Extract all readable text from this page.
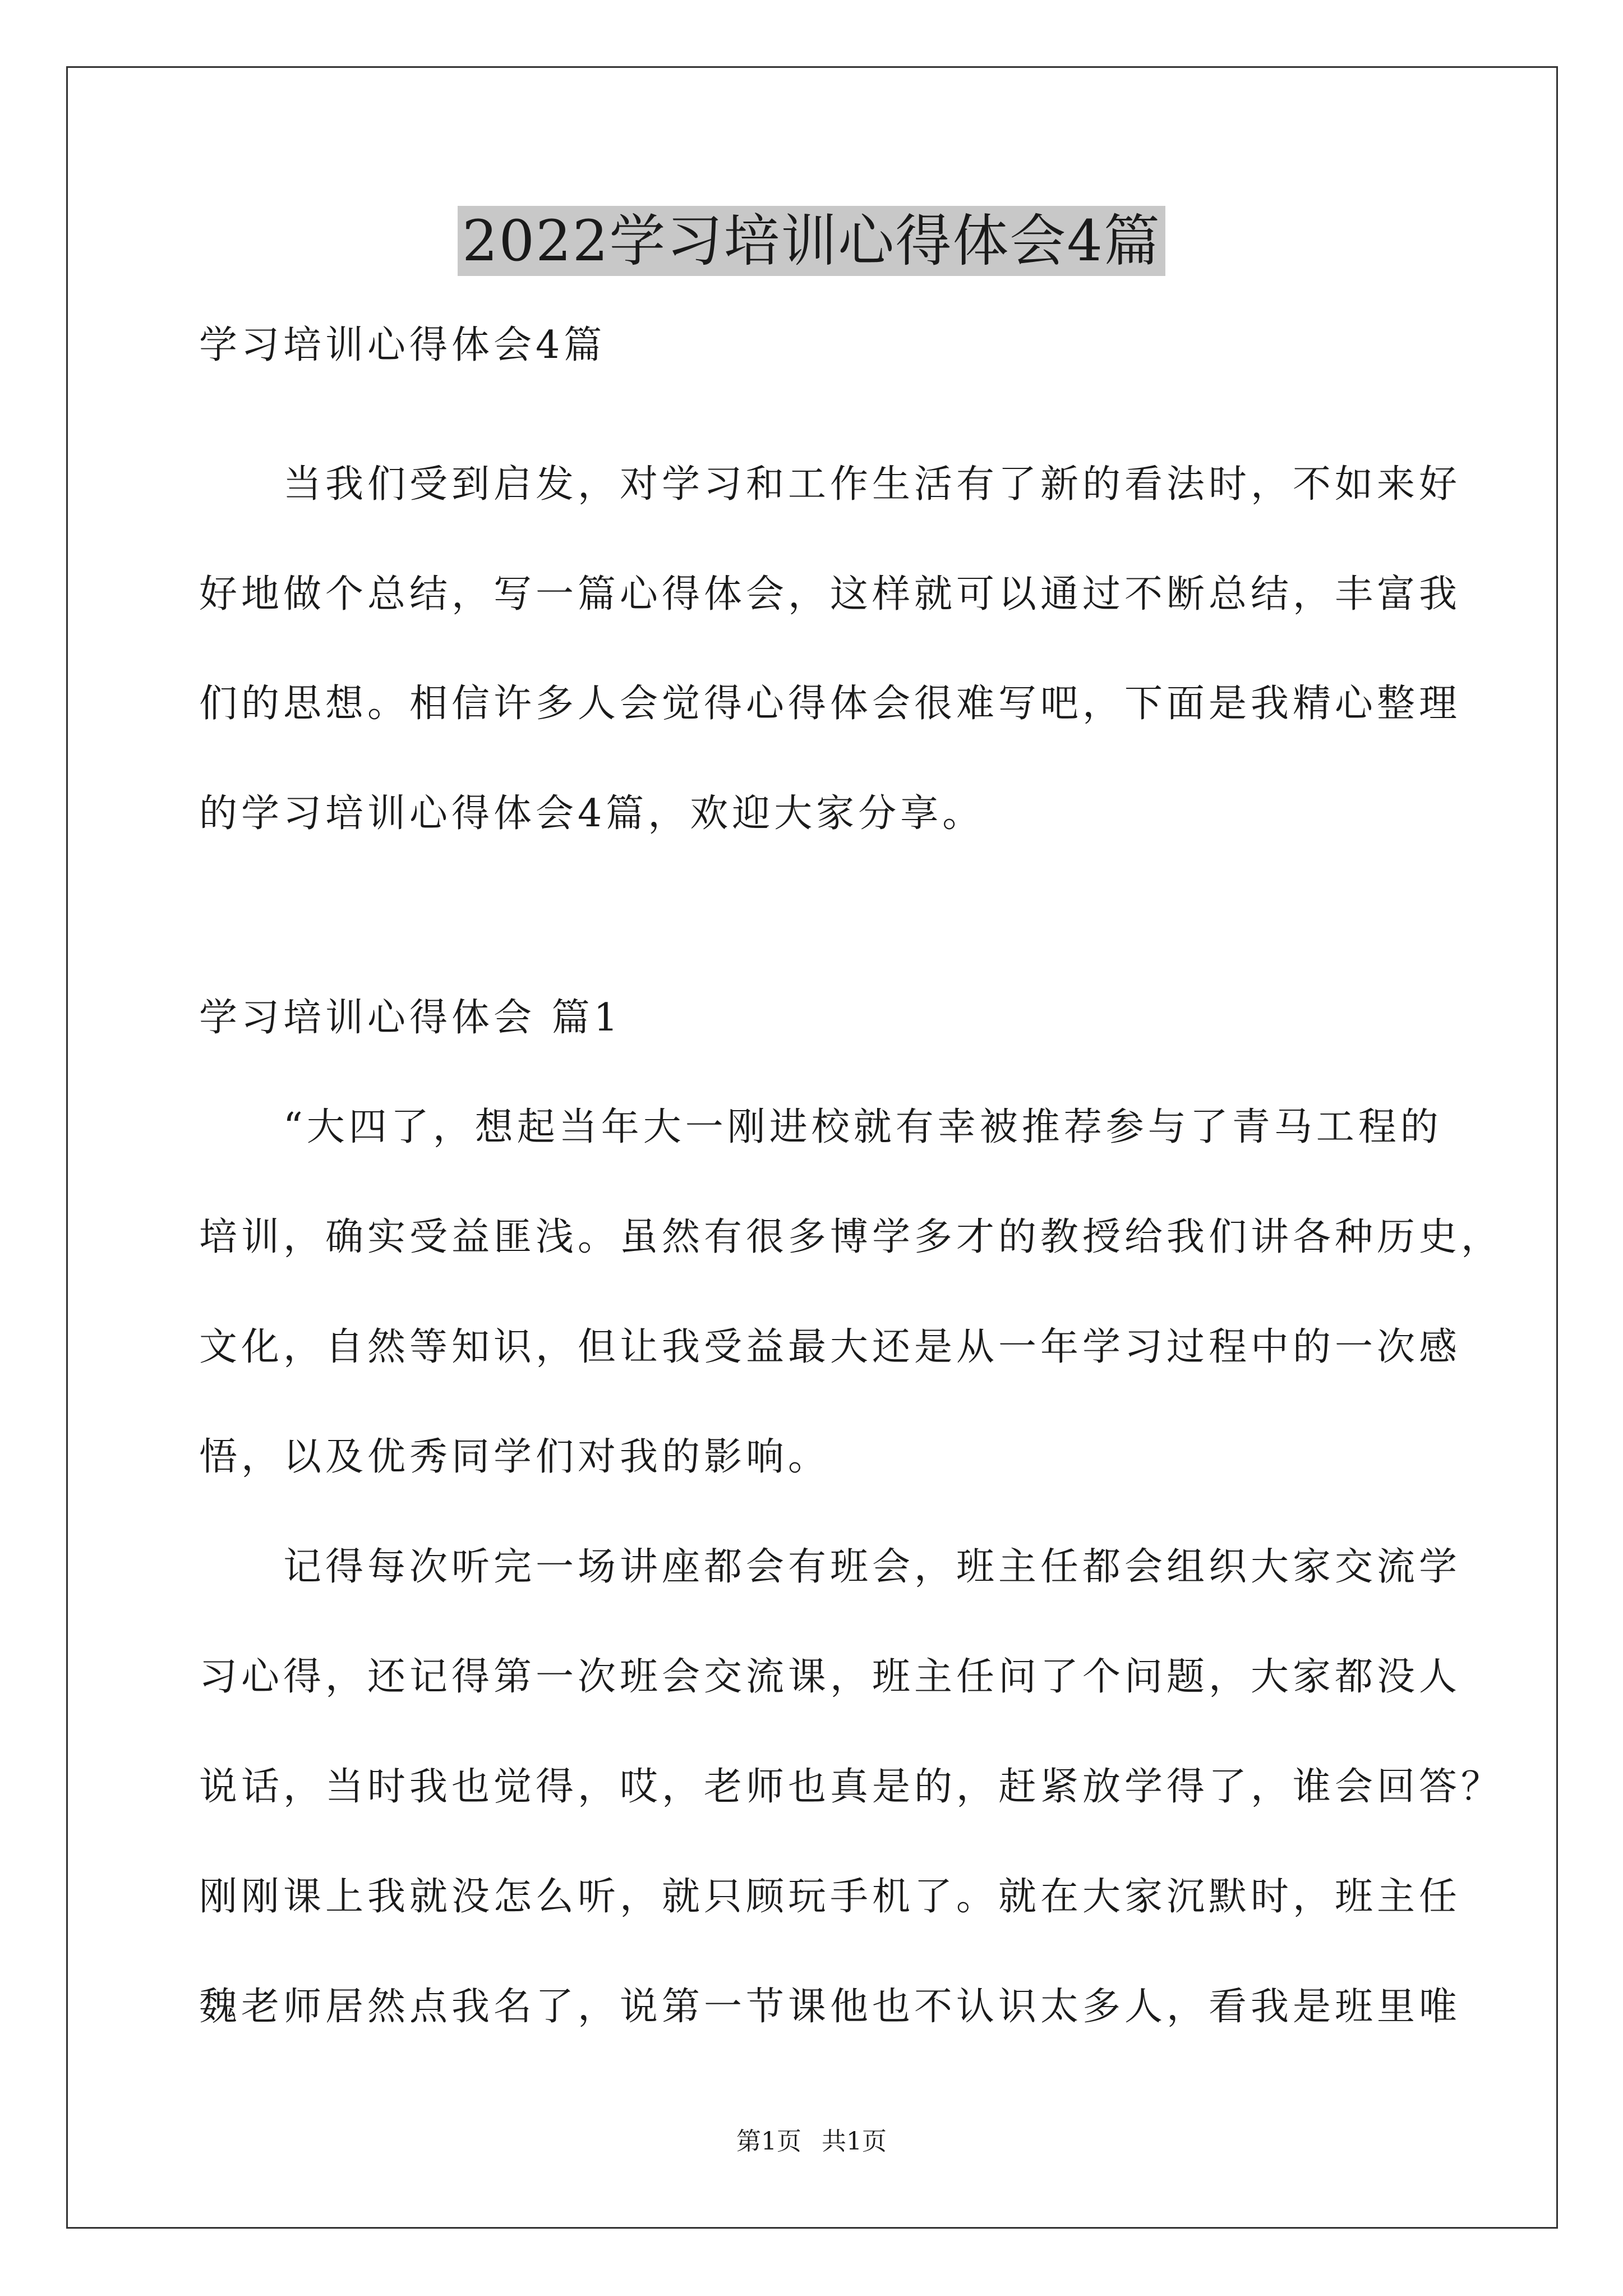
2022学习培训心得体会4篇
学习培训心得体会4篇
　　当我们受到启发，对学习和工作生活有了新的看法时，不如来好
好地做个总结，写一篇心得体会，这样就可以通过不断总结，丰富我
们的思想。相信许多人会觉得心得体会很难写吧，下面是我精心整理
的学习培训心得体会4篇，欢迎大家分享。
学习培训心得体会 篇1
　　“大四了，想起当年大一刚进校就有幸被推荐参与了青马工程的
培训，确实受益匪浅。虽然有很多博学多才的教授给我们讲各种历史，
文化，自然等知识，但让我受益最大还是从一年学习过程中的一次感
悟，以及优秀同学们对我的影响。
　　记得每次听完一场讲座都会有班会，班主任都会组织大家交流学
习心得，还记得第一次班会交流课，班主任问了个问题，大家都没人
说话，当时我也觉得，哎，老师也真是的，赶紧放学得了，谁会回答？
刚刚课上我就没怎么听，就只顾玩手机了。就在大家沉默时，班主任
魏老师居然点我名了，说第一节课他也不认识太多人，看我是班里唯
第1页 共1页
